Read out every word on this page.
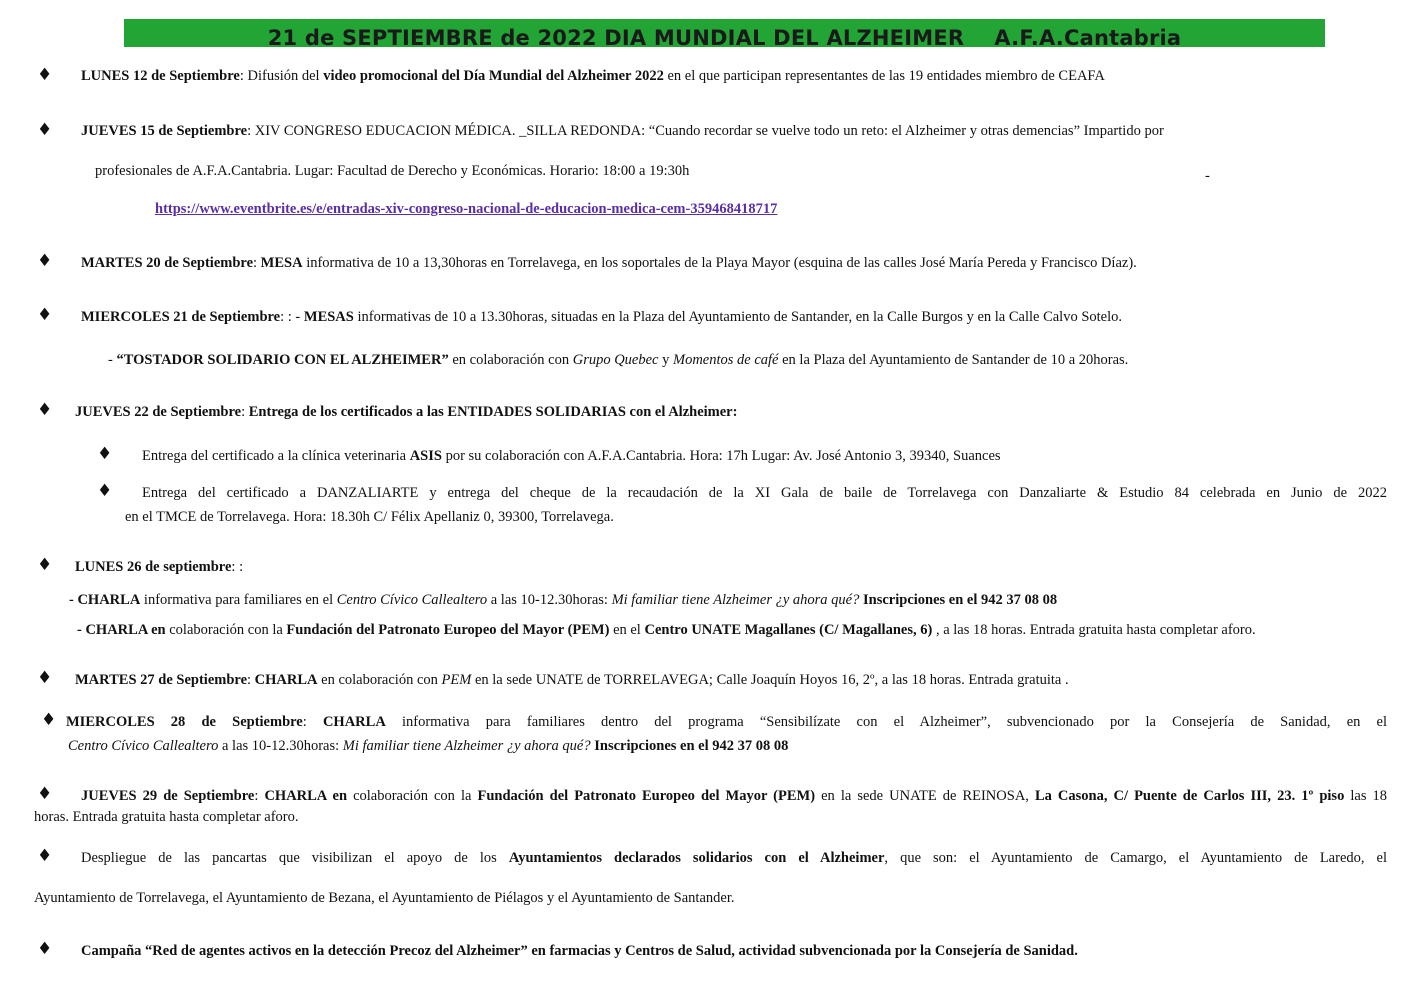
21 de SEPTIEMBRE de 2022 DIA MUNDIAL DEL ALZHEIMER    A.F.A.Cantabria
♦ LUNES 12 de Septiembre: Difusión del video promocional del Día Mundial del Alzheimer 2022 en el que participan representantes de las 19 entidades miembro de CEAFA
♦ JUEVES 15 de Septiembre: XIV CONGRESO EDUCACION MÉDICA. _SILLA REDONDA: “Cuando recordar se vuelve todo un reto: el Alzheimer y otras demencias” Impartido por
profesionales de A.F.A.Cantabria. Lugar: Facultad de Derecho y Económicas. Horario: 18:00 a 19:30h	-
https://www.eventbrite.es/e/entradas-xiv-congreso-nacional-de-educacion-medica-cem-359468418717
♦ MARTES 20 de Septiembre: MESA informativa de 10 a 13,30horas en Torrelavega, en los soportales de la Playa Mayor (esquina de las calles José María Pereda y Francisco Díaz).
♦ MIERCOLES 21 de Septiembre: : - MESAS informativas de 10 a 13.30horas, situadas en la Plaza del Ayuntamiento de Santander, en la Calle Burgos y en la Calle Calvo Sotelo.
- “TOSTADOR SOLIDARIO CON EL ALZHEIMER” en colaboración con Grupo Quebec y Momentos de café en la Plaza del Ayuntamiento de Santander de 10 a 20horas.
♦ JUEVES 22 de Septiembre: Entrega de los certificados a las ENTIDADES SOLIDARIAS con el Alzheimer:
♦ Entrega del certificado a la clínica veterinaria ASIS por su colaboración con A.F.A.Cantabria. Hora: 17h Lugar: Av. José Antonio 3, 39340, Suances
♦ Entrega del certificado a DANZALIARTE y entrega del cheque de la recaudación de la XI Gala de baile de Torrelavega con Danzaliarte & Estudio 84 celebrada en Junio de 2022
en el TMCE de Torrelavega. Hora: 18.30h C/ Félix Apellaniz 0, 39300, Torrelavega.
♦ LUNES 26 de septiembre: :
- CHARLA informativa para familiares en el Centro Cívico Callealtero a las 10-12.30horas: Mi familiar tiene Alzheimer ¿y ahora qué? Inscripciones en el 942 37 08 08
- CHARLA en colaboración con la Fundación del Patronato Europeo del Mayor (PEM) en el Centro UNATE Magallanes (C/ Magallanes, 6) , a las 18 horas. Entrada gratuita hasta completar aforo.
♦ MARTES 27 de Septiembre: CHARLA en colaboración con PEM en la sede UNATE de TORRELAVEGA; Calle Joaquín Hoyos 16, 2º, a las 18 horas. Entrada gratuita .
♦ MIERCOLES 28 de Septiembre: CHARLA informativa para familiares dentro del programa “Sensibilízate con el Alzheimer”, subvencionado por la Consejería de Sanidad, en el
Centro Cívico Callealtero a las 10-12.30horas: Mi familiar tiene Alzheimer ¿y ahora qué? Inscripciones en el 942 37 08 08
♦ JUEVES 29 de Septiembre: CHARLA en colaboración con la Fundación del Patronato Europeo del Mayor (PEM) en la sede UNATE de REINOSA, La Casona, C/ Puente de Carlos III, 23. 1º piso las 18
horas. Entrada gratuita hasta completar aforo.
♦ Despliegue de las pancartas que visibilizan el apoyo de los Ayuntamientos declarados solidarios con el Alzheimer, que son: el Ayuntamiento de Camargo, el Ayuntamiento de Laredo, el
Ayuntamiento de Torrelavega, el Ayuntamiento de Bezana, el Ayuntamiento de Piélagos y el Ayuntamiento de Santander.
♦ Campaña “Red de agentes activos en la detección Precoz del Alzheimer” en farmacias y Centros de Salud, actividad subvencionada por la Consejería de Sanidad.
